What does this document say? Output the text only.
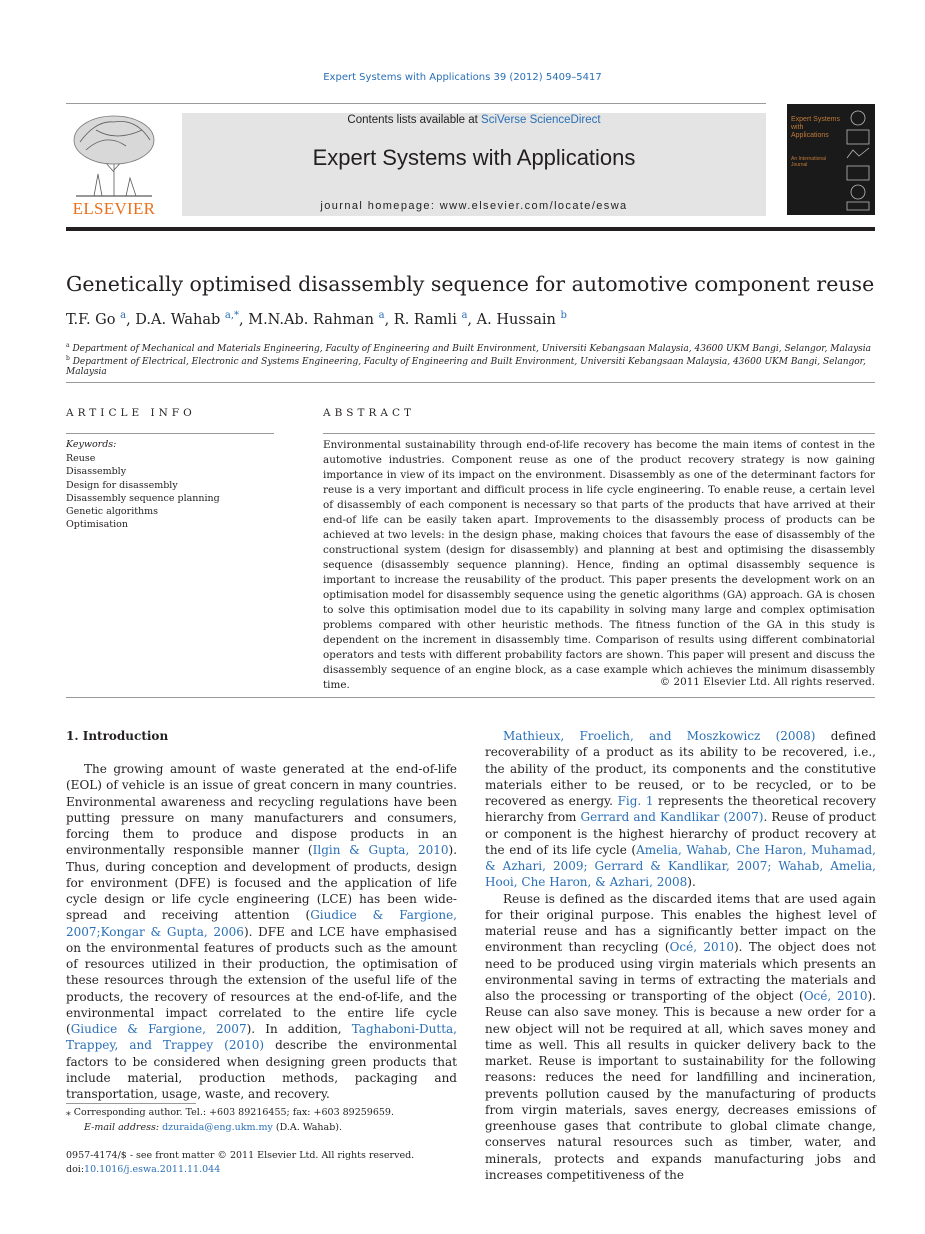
Expert Systems with Applications 39 (2012) 5409–5417
ELSEVIER
Contents lists available at SciVerse ScienceDirect
Expert Systems with Applications
journal homepage: www.elsevier.com/locate/eswa
Expert Systems with Applications
An International Journal
Genetically optimised disassembly sequence for automotive component reuse
T.F. Go $^a$, D.A. Wahab $^{a,*}$, M.N.Ab. Rahman $^a$, R. Ramli $^a$, A. Hussain $^b$
$^a$ Department of Mechanical and Materials Engineering, Faculty of Engineering and Built Environment, Universiti Kebangsaan Malaysia, 43600 UKM Bangi, Selangor, Malaysia
$^b$ Department of Electrical, Electronic and Systems Engineering, Faculty of Engineering and Built Environment, Universiti Kebangsaan Malaysia, 43600 UKM Bangi, Selangor, Malaysia
ARTICLE INFO
Keywords:
Reuse
Disassembly
Design for disassembly
Disassembly sequence planning
Genetic algorithms
Optimisation
ABSTRACT
Environmental sustainability through end-of-life recovery has become the main items of contest in the automotive industries. Component reuse as one of the product recovery strategy is now gaining importance in view of its impact on the environment. Disassembly as one of the determinant factors for reuse is a very important and difficult process in life cycle engineering. To enable reuse, a certain level of disassembly of each component is necessary so that parts of the products that have arrived at their end-of life can be easily taken apart. Improvements to the disassembly process of products can be achieved at two levels: in the design phase, making choices that favours the ease of disassembly of the constructional system (design for disassembly) and planning at best and optimising the disassembly sequence (disassembly sequence planning). Hence, finding an optimal disassembly sequence is important to increase the reusability of the product. This paper presents the development work on an optimisation model for disassembly sequence using the genetic algorithms (GA) approach. GA is chosen to solve this optimisation model due to its capability in solving many large and complex optimisation problems compared with other heuristic methods. The fitness function of the GA in this study is dependent on the increment in disassembly time. Comparison of results using different combinatorial operators and tests with different probability factors are shown. This paper will present and discuss the disassembly sequence of an engine block, as a case example which achieves the minimum disassembly time.	© 2011 Elsevier Ltd. All rights reserved.
1. Introduction

The growing amount of waste generated at the end-of-life (EOL) of vehicle is an issue of great concern in many countries. Environmental awareness and recycling regulations have been putting pressure on many manufacturers and consumers, forcing them to produce and dispose products in an environmentally responsible manner (Ilgin & Gupta, 2010). Thus, during conception and development of products, design for environment (DFE) is focused and the application of life cycle design or life cycle engineering (LCE) has been wide-spread and receiving attention (Giudice & Fargione, 2007;Kongar & Gupta, 2006). DFE and LCE have emphasised on the environmental features of products such as the amount of resources utilized in their production, the optimisation of these resources through the extension of the useful life of the products, the recovery of resources at the end-of-life, and the environmental impact correlated to the entire life cycle (Giudice & Fargione, 2007). In addition, Taghaboni-Dutta, Trappey, and Trappey (2010) describe the environmental factors to be considered when designing green products that include material, production methods, packaging and transportation, usage, waste, and recovery.

Mathieux, Froelich, and Moszkowicz (2008) defined recoverability of a product as its ability to be recovered, i.e., the ability of the product, its components and the constitutive materials either to be reused, or to be recycled, or to be recovered as energy. Fig. 1 represents the theoretical recovery hierarchy from Gerrard and Kandlikar (2007). Reuse of product or component is the highest hierarchy of product recovery at the end of its life cycle (Amelia, Wahab, Che Haron, Muhamad, & Azhari, 2009; Gerrard & Kandlikar, 2007; Wahab, Amelia, Hooi, Che Haron, & Azhari, 2008).

Reuse is defined as the discarded items that are used again for their original purpose. This enables the highest level of material reuse and has a significantly better impact on the environment than recycling (Océ, 2010). The object does not need to be produced using virgin materials which presents an environmental saving in terms of extracting the materials and also the processing or transporting of the object (Océ, 2010). Reuse can also save money. This is because a new order for a new object will not be required at all, which saves money and time as well. This all results in quicker delivery back to the market. Reuse is important to sustainability for the following reasons: reduces the need for landfilling and incineration, prevents pollution caused by the manufacturing of products from virgin materials, saves energy, decreases emissions of greenhouse gases that contribute to global climate change, conserves natural resources such as timber, water, and minerals, protects and expands manufacturing jobs and increases competitiveness of the

⁎ Corresponding author. Tel.: +603 89216455; fax: +603 89259659.
E-mail address: dzuraida@eng.ukm.my (D.A. Wahab).
0957-4174/$ - see front matter © 2011 Elsevier Ltd. All rights reserved.
doi:10.1016/j.eswa.2011.11.044
